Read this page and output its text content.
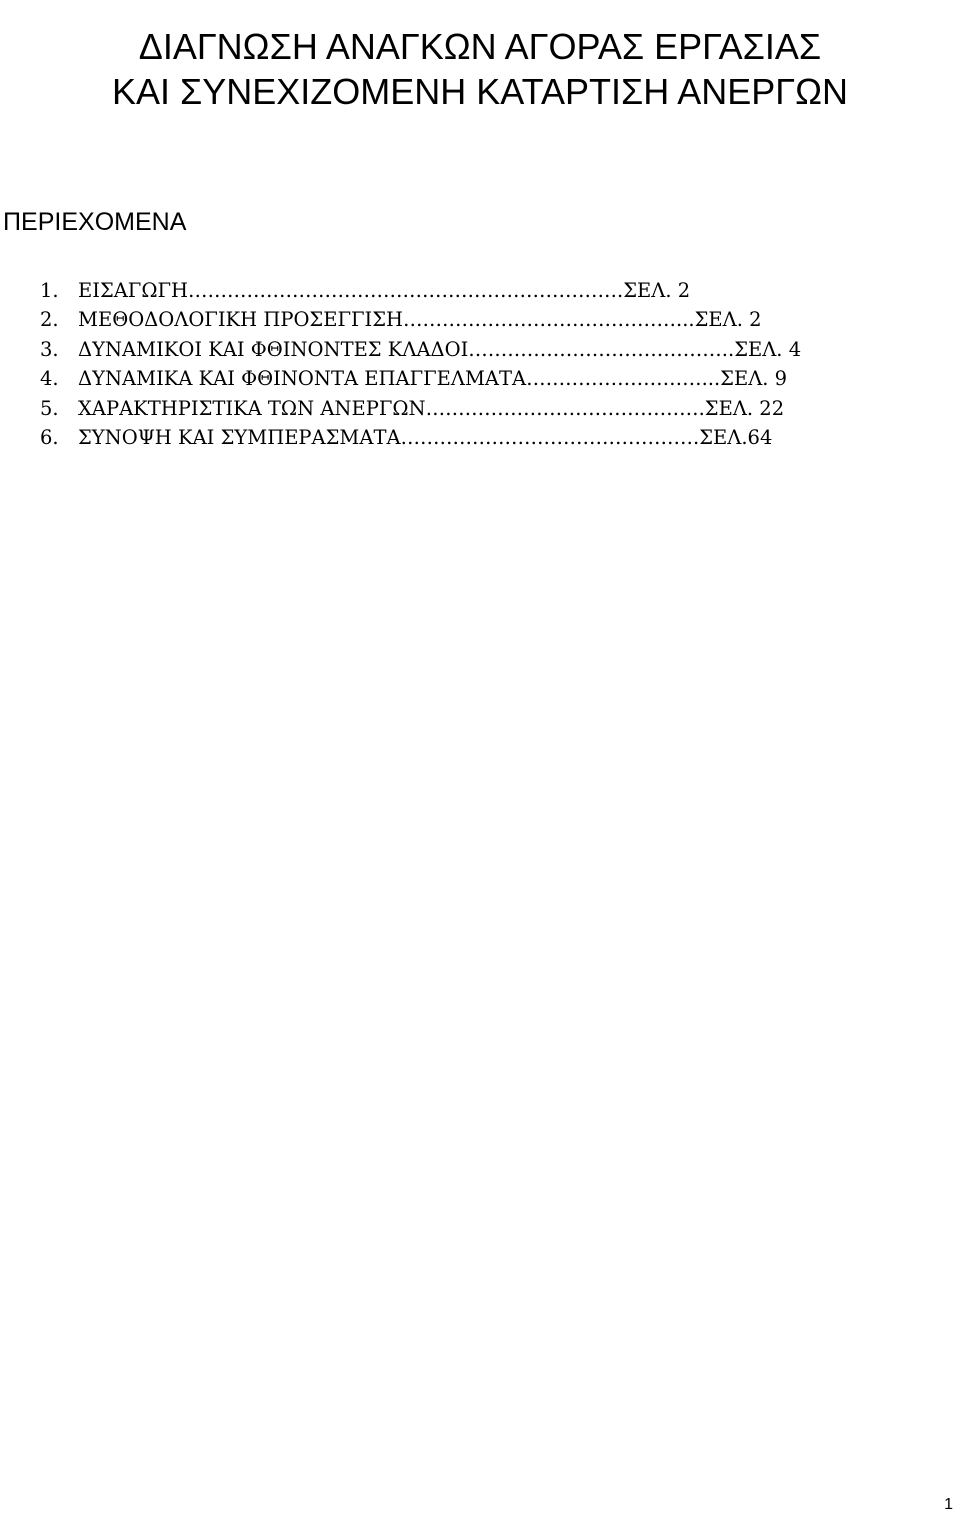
ΔΙΑΓΝΩΣΗ ΑΝΑΓΚΩΝ ΑΓΟΡΑΣ ΕΡΓΑΣΙΑΣ
ΚΑΙ ΣΥΝΕΧΙΖΟΜΕΝΗ ΚΑΤΑΡΤΙΣΗ ΑΝΕΡΓΩΝ
ΠΕΡΙΕΧΟΜΕΝΑ
1. ΕΙΣΑΓΩΓΗ………………………………………………………….ΣΕΛ. 2
2. ΜΕΘΟΔΟΛΟΓΙΚΗ ΠΡΟΣΕΓΓΙΣΗ……………………………………...ΣΕΛ. 2
3. ΔΥΝΑΜΙΚΟΙ ΚΑΙ ΦΘΙΝΟΝΤΕΣ ΚΛΑΔΟΙ…………………………………..ΣΕΛ. 4
4. ΔΥΝΑΜΙΚΑ ΚΑΙ ΦΘΙΝΟΝΤΑ ΕΠΑΓΓΕΛΜΑΤΑ………………………...ΣΕΛ. 9
5. ΧΑΡΑΚΤΗΡΙΣΤΙΚΑ ΤΩΝ ΑΝΕΡΓΩΝ…………………………………….ΣΕΛ. 22
6. ΣΥΝΟΨΗ ΚΑΙ ΣΥΜΠΕΡΑΣΜΑΤΑ……………………………………….ΣΕΛ.64
1
